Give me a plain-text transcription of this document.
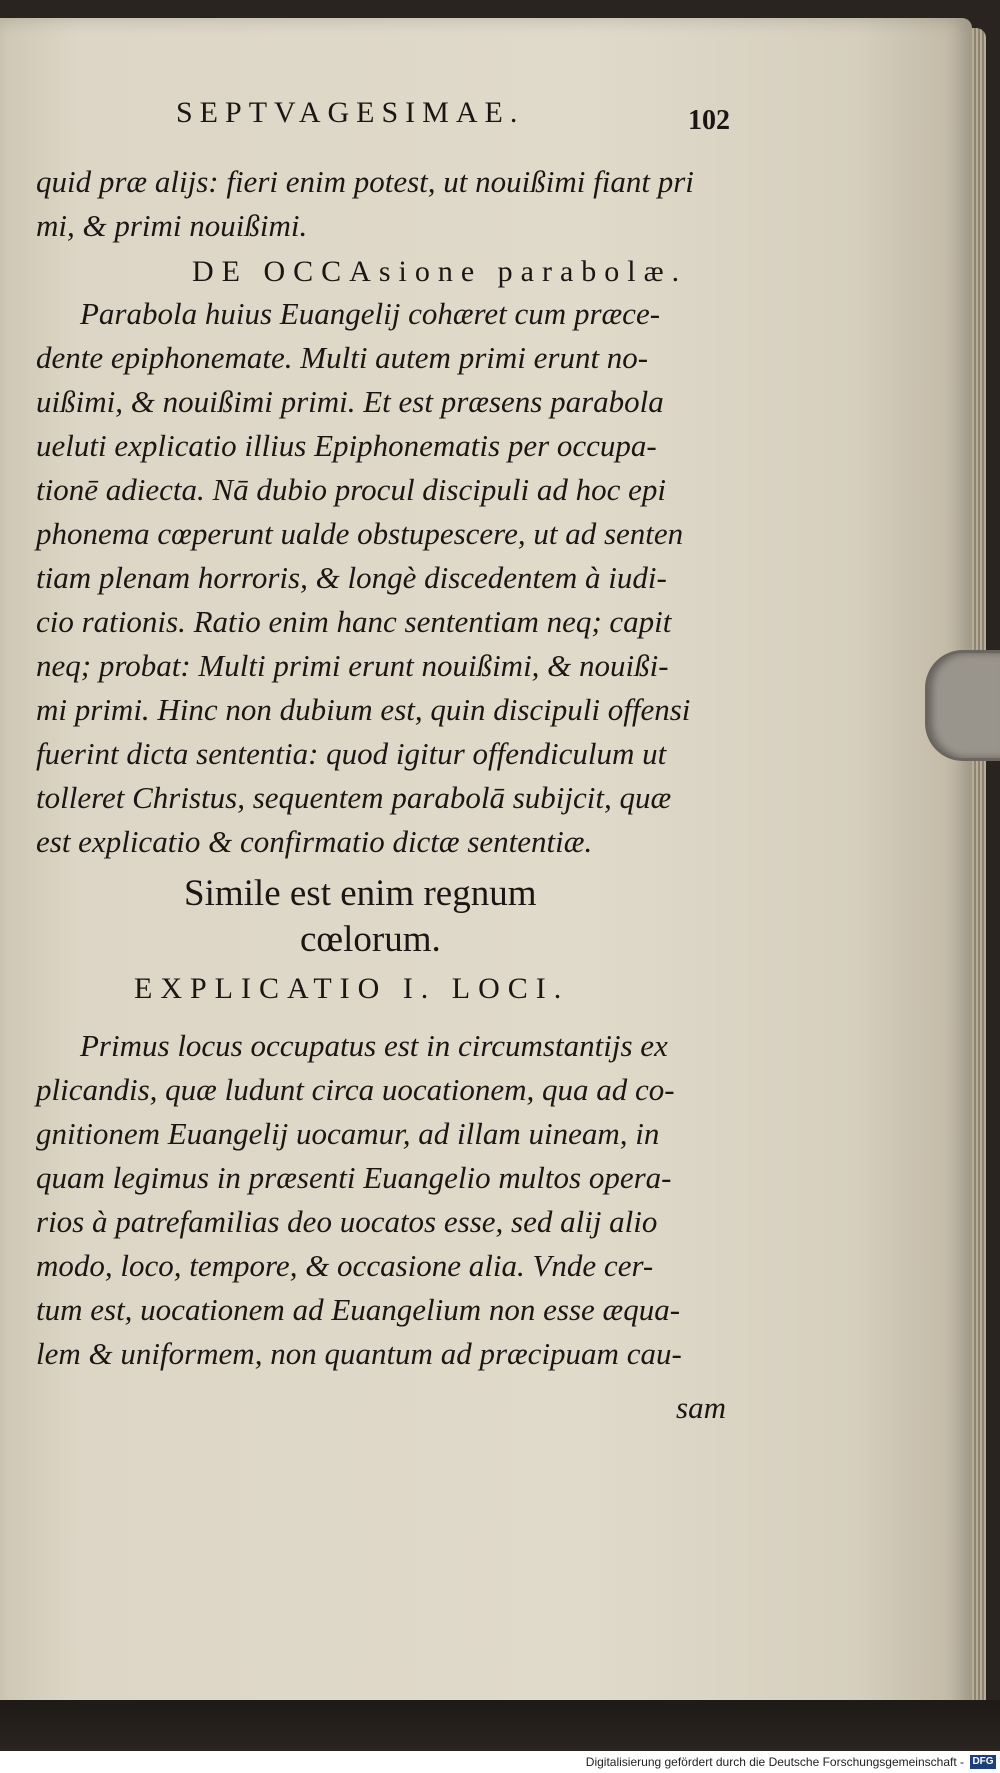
SEPTVAGESIMAE.	102
quid præ alijs: fieri enim potest, ut nouißimi fiant pri
mi, & primi nouißimi.
DE OCCAsione parabolæ.
Parabola huius Euangelij cohæret cum præce-
dente epiphonemate. Multi autem primi erunt no-
uißimi, & nouißimi primi. Et est præsens parabola
ueluti explicatio illius Epiphonematis per occupa-
tionē adiecta. Nā dubio procul discipuli ad hoc epi
phonema cœperunt ualde obstupescere, ut ad senten
tiam plenam horroris, & longè discedentem à iudi-
cio rationis. Ratio enim hanc sententiam neq; capit
neq; probat: Multi primi erunt nouißimi, & nouißi-
mi primi. Hinc non dubium est, quin discipuli offensi
fuerint dicta sententia: quod igitur offendiculum ut
tolleret Christus, sequentem parabolā subijcit, quæ
est explicatio & confirmatio dictæ sententiæ.
Simile est enim regnum
cœlorum.
EXPLICATIO I. LOCI.
Primus locus occupatus est in circumstantijs ex
plicandis, quæ ludunt circa uocationem, qua ad co-
gnitionem Euangelij uocamur, ad illam uineam, in
quam legimus in præsenti Euangelio multos opera-
rios à patrefamilias deo uocatos esse, sed alij alio
modo, loco, tempore, & occasione alia. Vnde cer-
tum est, uocationem ad Euangelium non esse æqua-
lem & uniformem, non quantum ad præcipuam cau-
sam
Digitalisierung gefördert durch die Deutsche Forschungsgemeinschaft - DFG
